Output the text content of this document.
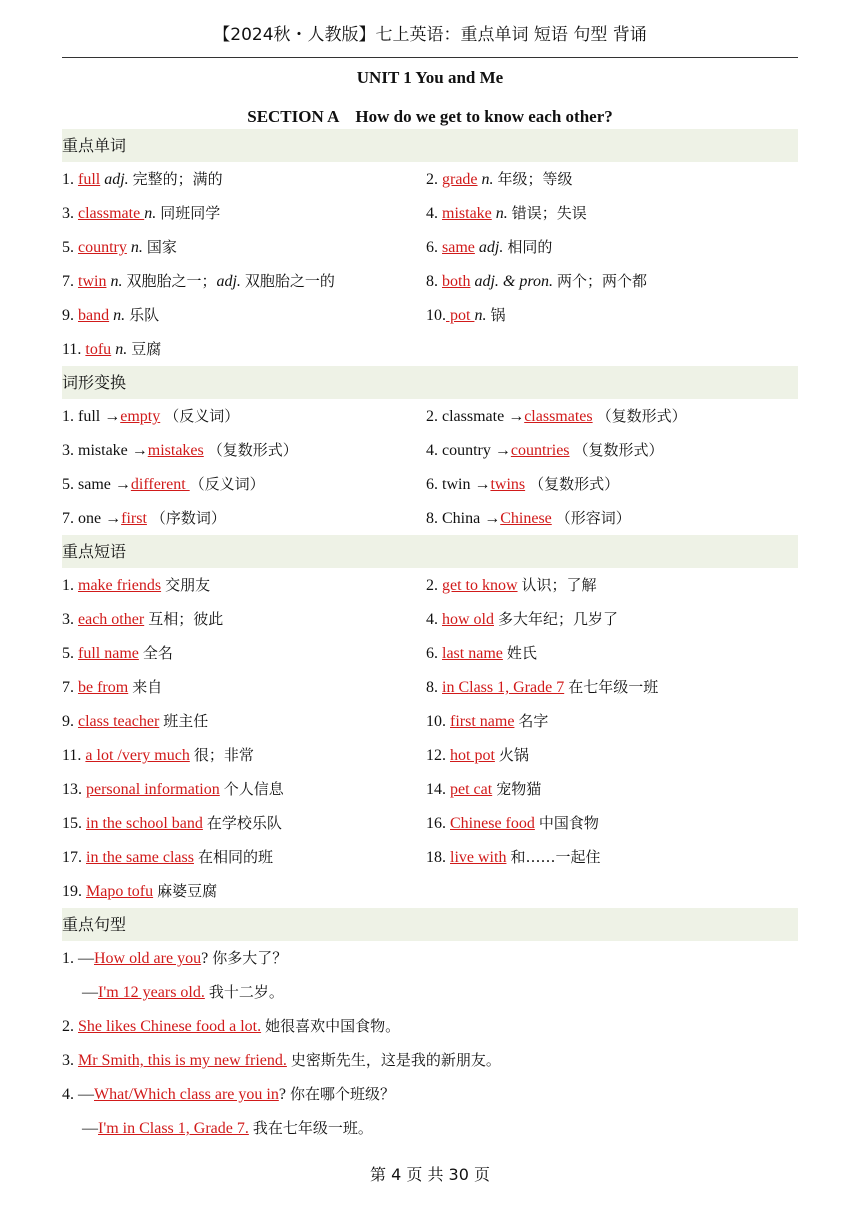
【2024秋・人教版】七上英语：重点单词 短语 句型 背诵
UNIT 1 You and Me
SECTION A　How do we get to know each other?
重点单词
1. full adj. 完整的；满的	2. grade n. 年级；等级
3. classmate n. 同班同学	4. mistake n. 错误；失误
5. country n. 国家	6. same adj. 相同的
7. twin n. 双胞胎之一；adj. 双胞胎之一的	8. both adj. & pron. 两个；两个都
9. band n. 乐队	10. pot n. 锅
11. tofu n. 豆腐
词形变换
1. full →empty （反义词）	2. classmate →classmates （复数形式）
3. mistake →mistakes （复数形式）	4. country →countries （复数形式）
5. same →different （反义词）	6. twin →twins （复数形式）
7. one →first （序数词）	8. China →Chinese （形容词）
重点短语
1. make friends 交朋友	2. get to know 认识；了解
3. each other 互相；彼此	4. how old 多大年纪；几岁了
5. full name 全名	6. last name 姓氏
7. be from 来自	8. in Class 1, Grade 7 在七年级一班
9. class teacher 班主任	10. first name 名字
11. a lot /very much 很；非常	12. hot pot 火锅
13. personal information 个人信息	14. pet cat 宠物猫
15. in the school band 在学校乐队	16. Chinese food 中国食物
17. in the same class 在相同的班	18. live with 和……一起住
19. Mapo tofu 麻婆豆腐
重点句型
1. —How old are you? 你多大了？
—I'm 12 years old. 我十二岁。
2. She likes Chinese food a lot. 她很喜欢中国食物。
3. Mr Smith, this is my new friend. 史密斯先生，这是我的新朋友。
4. —What/Which class are you in? 你在哪个班级？
—I'm in Class 1, Grade 7. 我在七年级一班。
第 4 页 共 30 页
